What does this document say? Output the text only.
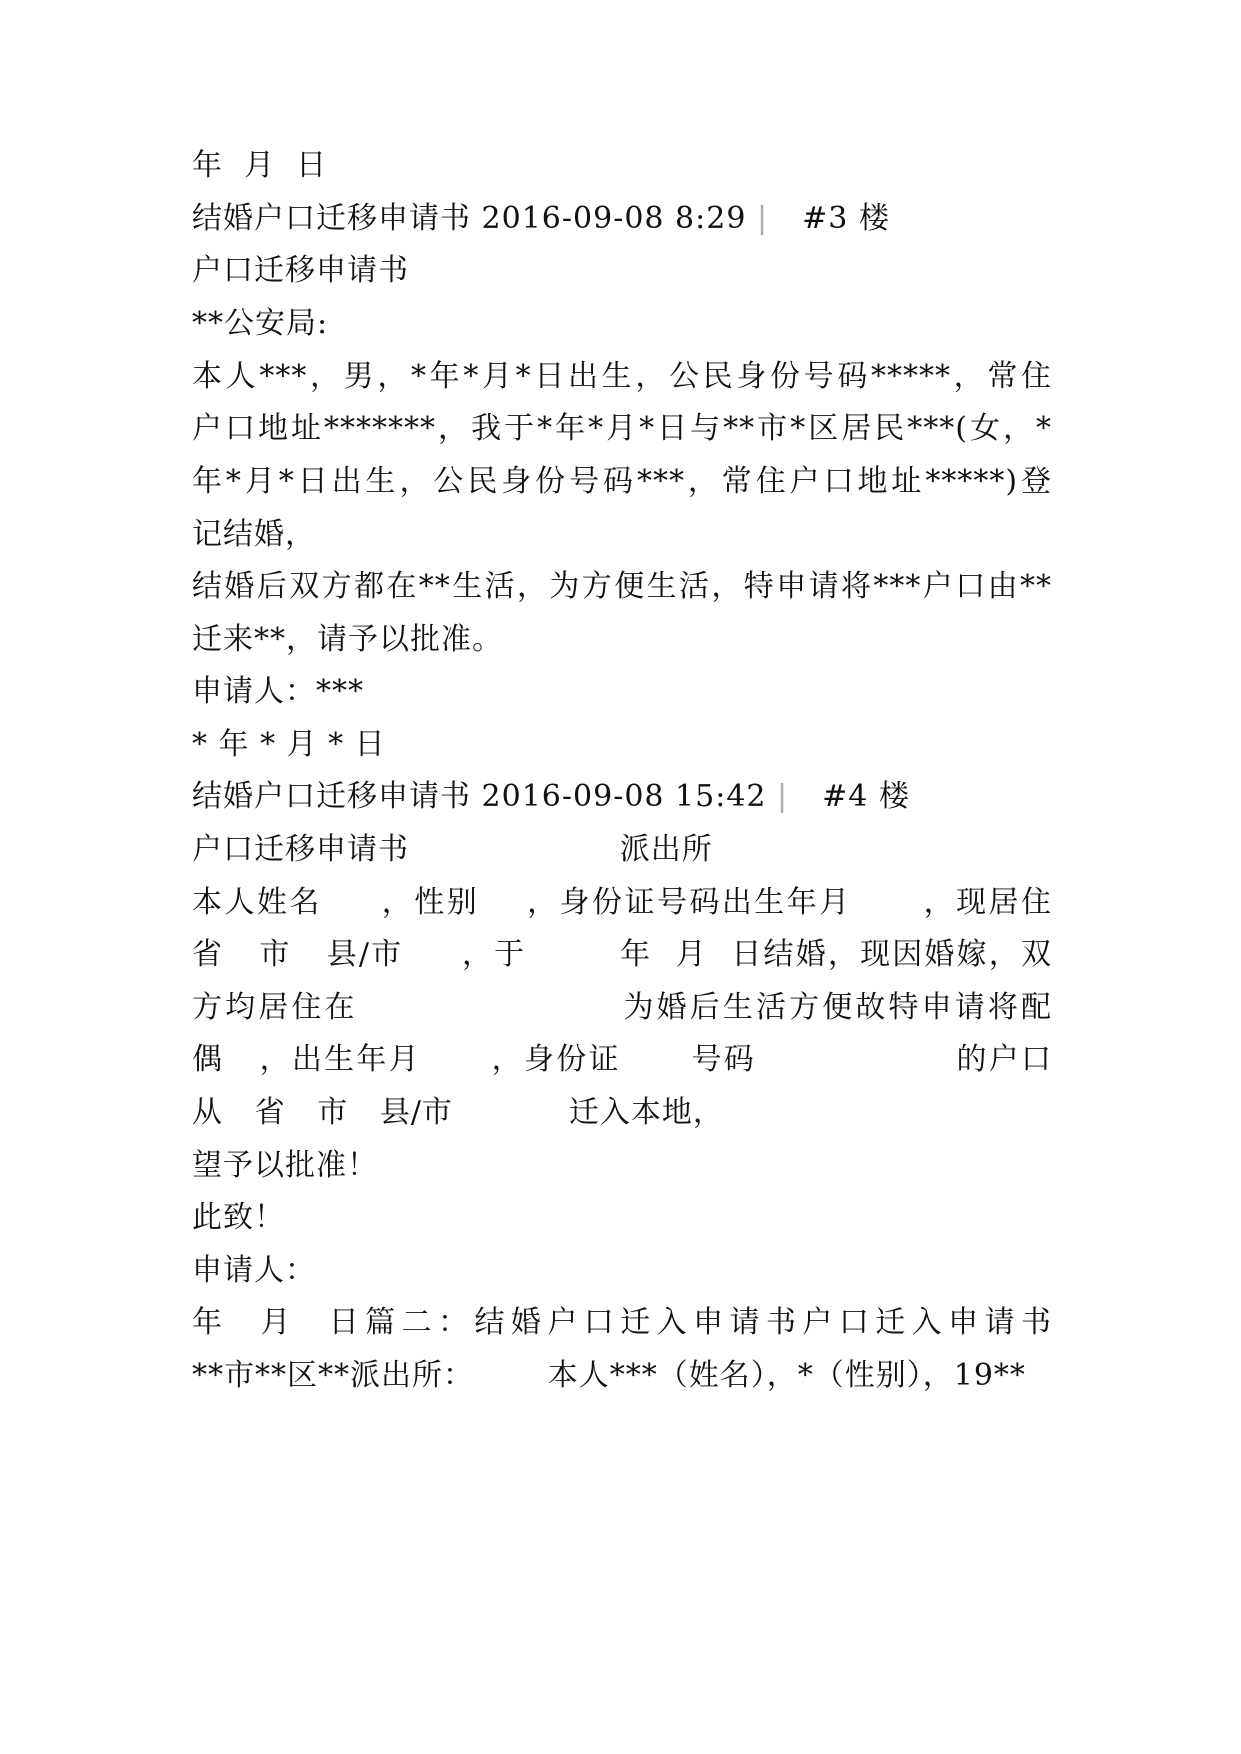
年  月  日
结婚户口迁移申请书 2016-09-08 8:29 | #3 楼
户口迁移申请书
**公安局:
本人***，男，*年*月*日出生，公民身份号码*****，常住
户口地址*******，我于*年*月*日与**市*区居民***(女，*
年*月*日出生，公民身份号码***，常住户口地址*****)登
记结婚，
结婚后双方都在**生活，为方便生活，特申请将***户口由**
迁来**，请予以批准。
申请人：***
* 年 * 月 * 日
结婚户口迁移申请书 2016-09-08 15:42 | #4 楼
户口迁移申请书                    派出所
本人姓名     ，性别    ，身份证号码出生年月      ，现居住
省   市   县/市     ，于        年  月  日结婚，现因婚嫁，双
方均居住在                     为婚后生活方便故特申请将配
偶   ，出生年月      ，身份证      号码                 的户口
从   省   市   县/市           迁入本地，
望予以批准！
此致！
申请人：
年  月  日篇二：结婚户口迁入申请书户口迁入申请书
**市**区**派出所：       本人***（姓名），*（性别），19**
